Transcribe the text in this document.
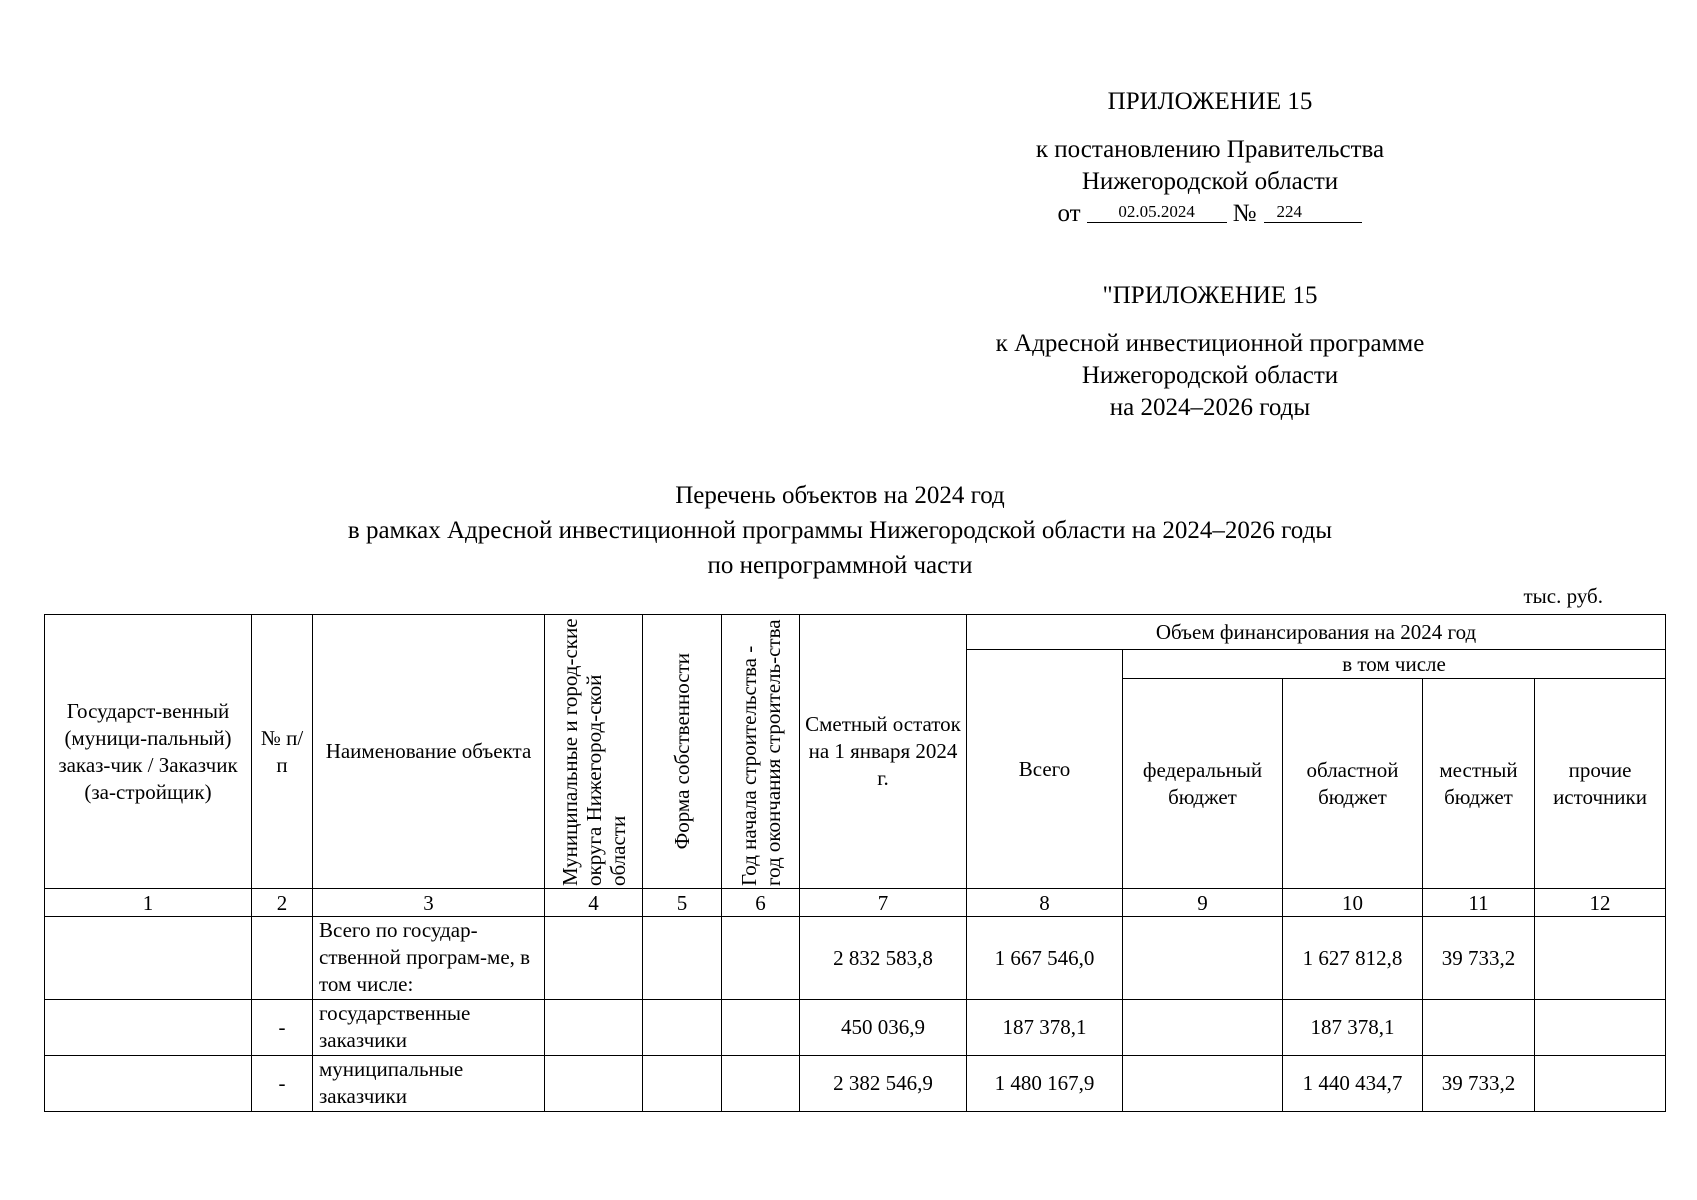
ПРИЛОЖЕНИЕ 15
к постановлению Правительства
Нижегородской области
от 02.05.2024 № 224
"ПРИЛОЖЕНИЕ 15
к Адресной инвестиционной программе
Нижегородской области
на 2024–2026 годы
Перечень объектов на 2024 год
в рамках Адресной инвестиционной программы Нижегородской области на 2024–2026 годы
по непрограммной части
тыс. руб.
Государст-венный (муници-пальный) заказ-чик / Заказчик (за-стройщик)	№ п/п	Наименование объекта	Муниципальные и город-ские округа Нижегород-ской области	Форма собственности	Год начала строительства - год окончания строитель-ства	Сметный остаток на 1 января 2024 г.	Объем финансирования на 2024 год				
							Всего	в том числе			
								федеральный бюджет	областной бюджет	местный бюджет	прочие источники
1	2	3	4	5	6	7	8	9	10	11	12
		Всего по государ-ственной програм-ме, в том числе:				2 832 583,8	1 667 546,0		1 627 812,8	39 733,2	
	-	государственные заказчики				450 036,9	187 378,1		187 378,1		
	-	муниципальные заказчики				2 382 546,9	1 480 167,9		1 440 434,7	39 733,2	
